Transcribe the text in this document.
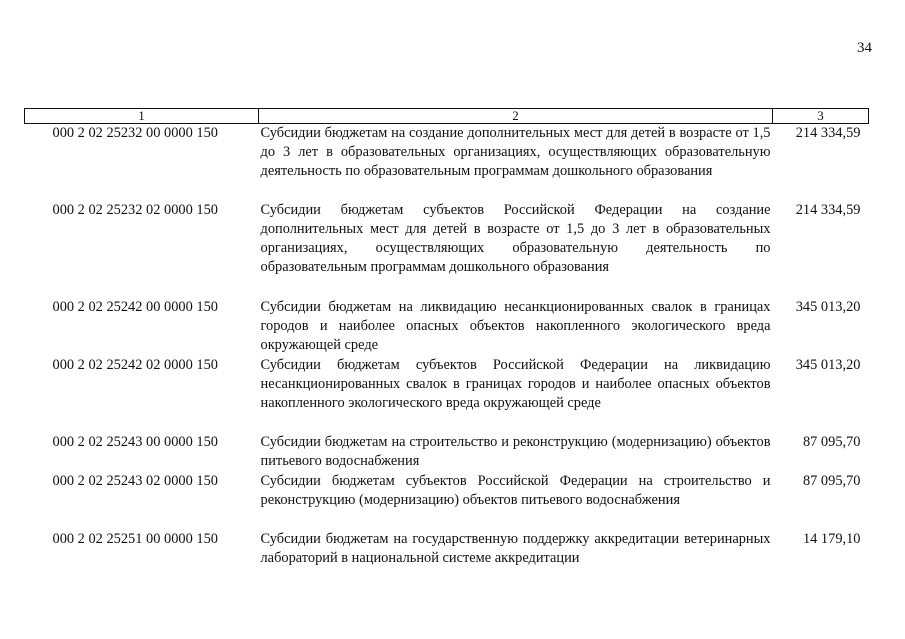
34
1	2	3
000 2 02 25232 00 0000 150	Субсидии бюджетам на создание дополнительных мест для детей в возрасте от 1,5 до 3 лет в образовательных организациях, осуществляющих образовательную деятельность по образовательным программам дошкольного образования	214 334,59
000 2 02 25232 02 0000 150	Субсидии бюджетам субъектов Российской Федерации на создание дополнительных мест для детей в возрасте от 1,5 до 3 лет в образовательных организациях, осуществляющих образовательную деятельность по образовательным программам дошкольного образования	214 334,59
000 2 02 25242 00 0000 150	Субсидии бюджетам на ликвидацию несанкционированных свалок в границах городов и наиболее опасных объектов накопленного экологического вреда окружающей среде	345 013,20
000 2 02 25242 02 0000 150	Субсидии бюджетам субъектов Российской Федерации на ликвидацию несанкционированных свалок в границах городов и наиболее опасных объектов накопленного экологического вреда окружающей среде	345 013,20
000 2 02 25243 00 0000 150	Субсидии бюджетам на строительство и реконструкцию (модернизацию) объектов питьевого водоснабжения	87 095,70
000 2 02 25243 02 0000 150	Субсидии бюджетам субъектов Российской Федерации на строительство и реконструкцию (модернизацию) объектов питьевого водоснабжения	87 095,70
000 2 02 25251 00 0000 150	Субсидии бюджетам на государственную поддержку аккредитации ветеринарных лабораторий в национальной системе аккредитации	14 179,10
